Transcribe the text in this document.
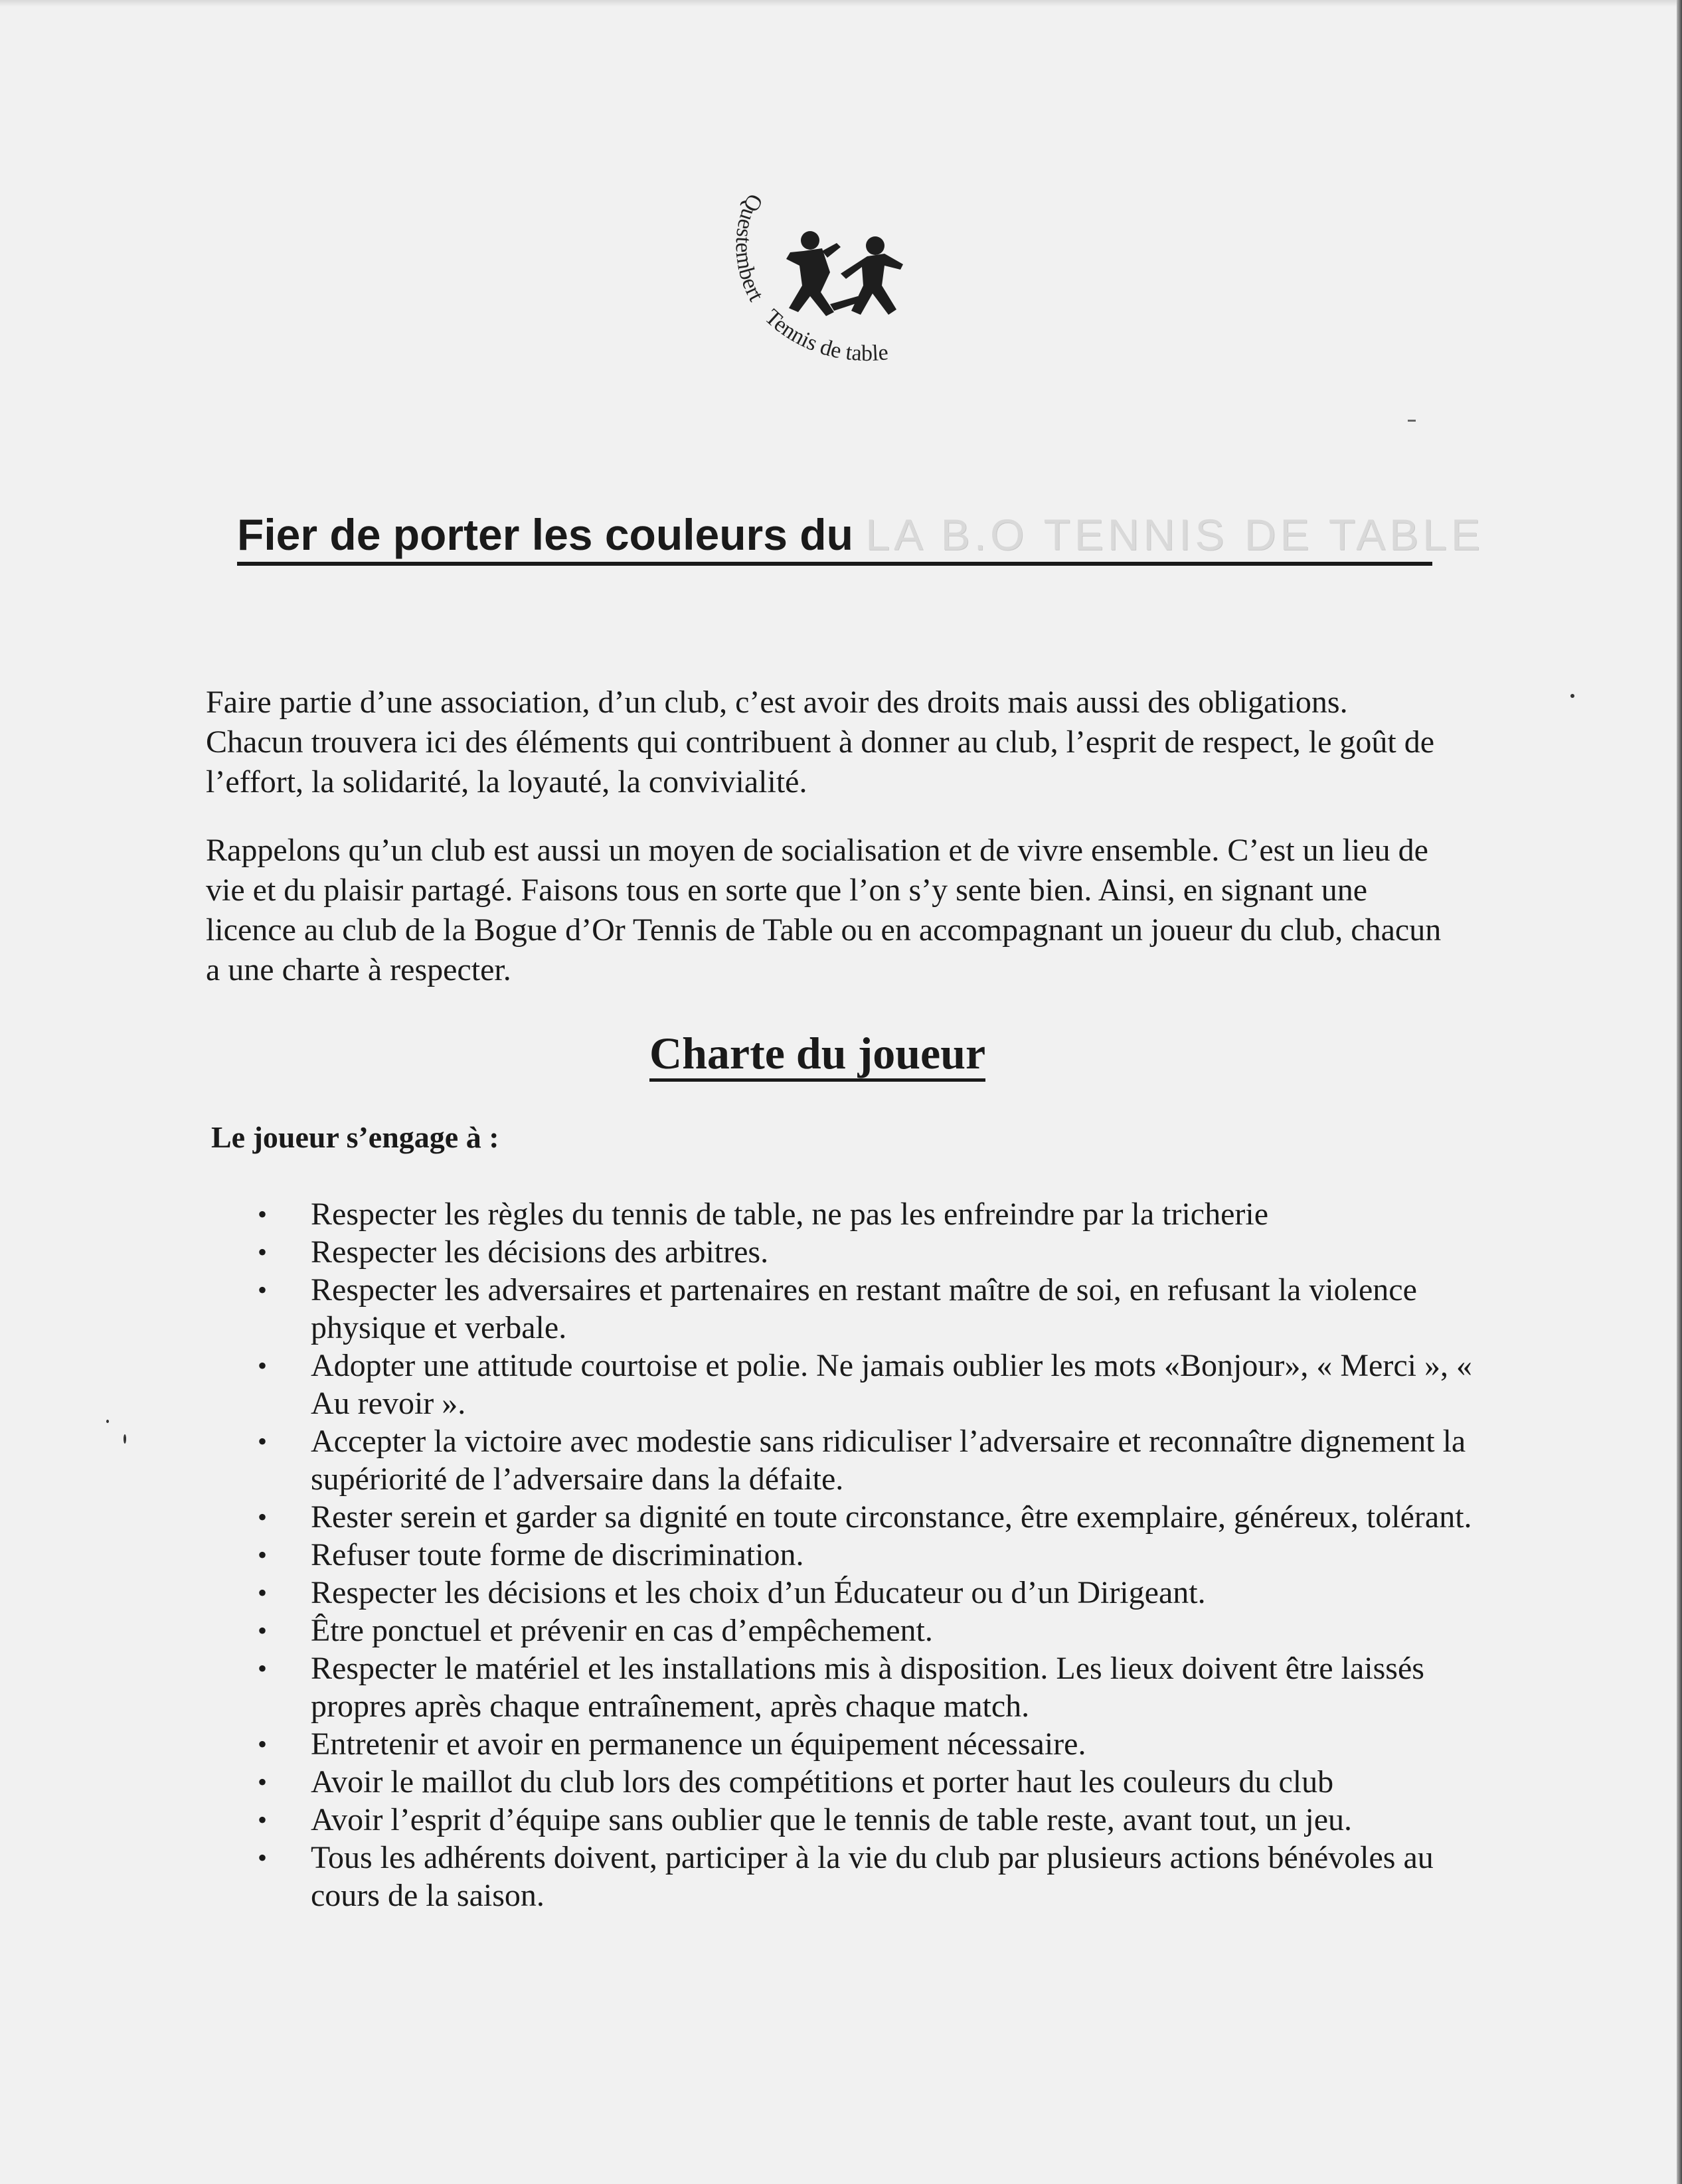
Questembert
Tennis de table
Fier de porter les couleurs du LA B.O TENNIS DE TABLE

Faire partie d’une association, d’un club, c’est avoir des droits mais aussi des obligations. Chacun trouvera ici des éléments qui contribuent à donner au club, l’esprit de respect, le goût de l’effort, la solidarité, la loyauté, la convivialité.

Rappelons qu’un club est aussi un moyen de socialisation et de vivre ensemble. C’est un lieu de vie et du plaisir partagé. Faisons tous en sorte que l’on s’y sente bien. Ainsi, en signant une licence au club de la Bogue d’Or Tennis de Table ou en accompagnant un joueur du club, chacun a une charte à respecter.

Charte du joueur

Le joueur s’engage à :

• Respecter les règles du tennis de table, ne pas les enfreindre par la tricherie
• Respecter les décisions des arbitres.
• Respecter les adversaires et partenaires en restant maître de soi, en refusant la violence physique et verbale.
• Adopter une attitude courtoise et polie. Ne jamais oublier les mots «Bonjour», « Merci », « Au revoir ».
• Accepter la victoire avec modestie sans ridiculiser l’adversaire et reconnaître dignement la supériorité de l’adversaire dans la défaite.
• Rester serein et garder sa dignité en toute circonstance, être exemplaire, généreux, tolérant.
• Refuser toute forme de discrimination.
• Respecter les décisions et les choix d’un Éducateur ou d’un Dirigeant.
• Être ponctuel et prévenir en cas d’empêchement.
• Respecter le matériel et les installations mis à disposition. Les lieux doivent être laissés propres après chaque entraînement, après chaque match.
• Entretenir et avoir en permanence un équipement nécessaire.
• Avoir le maillot du club lors des compétitions et porter haut les couleurs du club
• Avoir l’esprit d’équipe sans oublier que le tennis de table reste, avant tout, un jeu.
• Tous les adhérents doivent, participer à la vie du club par plusieurs actions bénévoles au cours de la saison.
